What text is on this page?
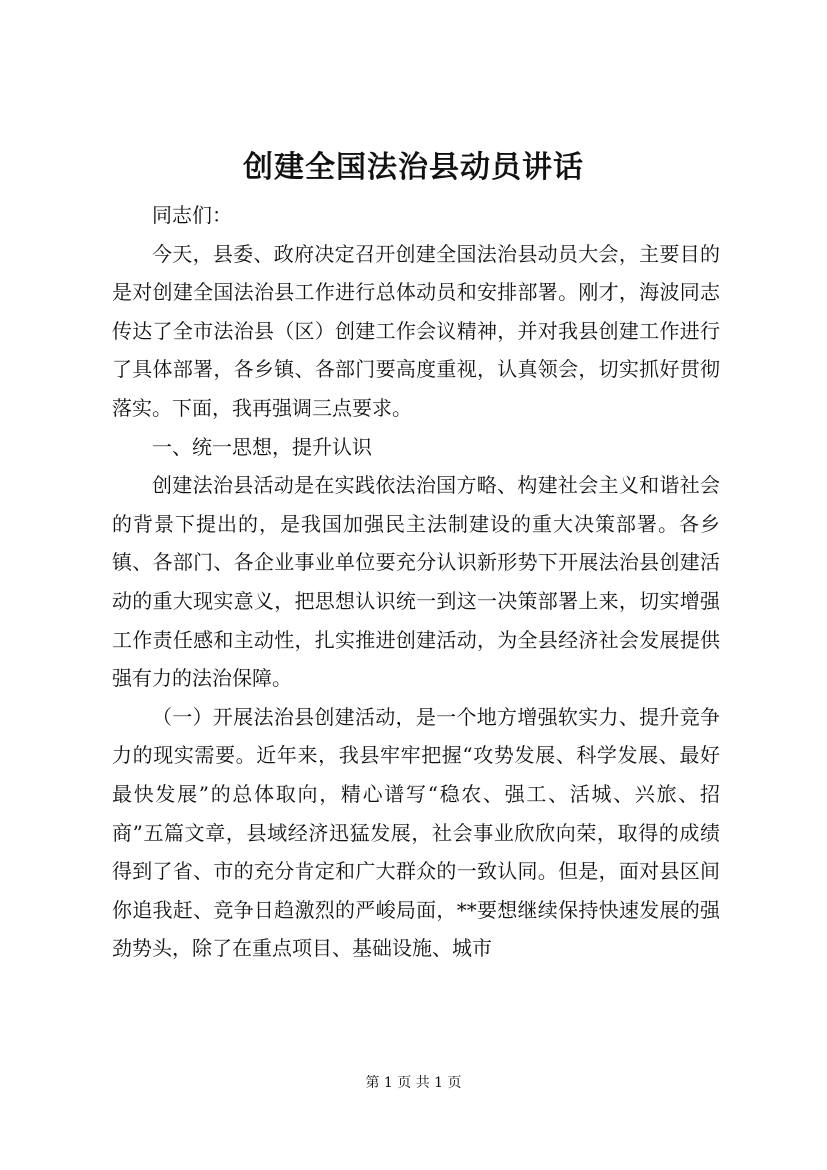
创建全国法治县动员讲话

同志们：

今天，县委、政府决定召开创建全国法治县动员大会，主要目的是对创建全国法治县工作进行总体动员和安排部署。刚才，海波同志传达了全市法治县（区）创建工作会议精神，并对我县创建工作进行了具体部署，各乡镇、各部门要高度重视，认真领会，切实抓好贯彻落实。下面，我再强调三点要求。

一、统一思想，提升认识

创建法治县活动是在实践依法治国方略、构建社会主义和谐社会的背景下提出的，是我国加强民主法制建设的重大决策部署。各乡镇、各部门、各企业事业单位要充分认识新形势下开展法治县创建活动的重大现实意义，把思想认识统一到这一决策部署上来，切实增强工作责任感和主动性，扎实推进创建活动，为全县经济社会发展提供强有力的法治保障。

（一）开展法治县创建活动，是一个地方增强软实力、提升竞争力的现实需要。近年来，我县牢牢把握“攻势发展、科学发展、最好最快发展”的总体取向，精心谱写“稳农、强工、活城、兴旅、招商”五篇文章，县域经济迅猛发展，社会事业欣欣向荣，取得的成绩得到了省、市的充分肯定和广大群众的一致认同。但是，面对县区间你追我赶、竞争日趋激烈的严峻局面，**要想继续保持快速发展的强劲势头，除了在重点项目、基础设施、城市

第 1 页 共 1 页
